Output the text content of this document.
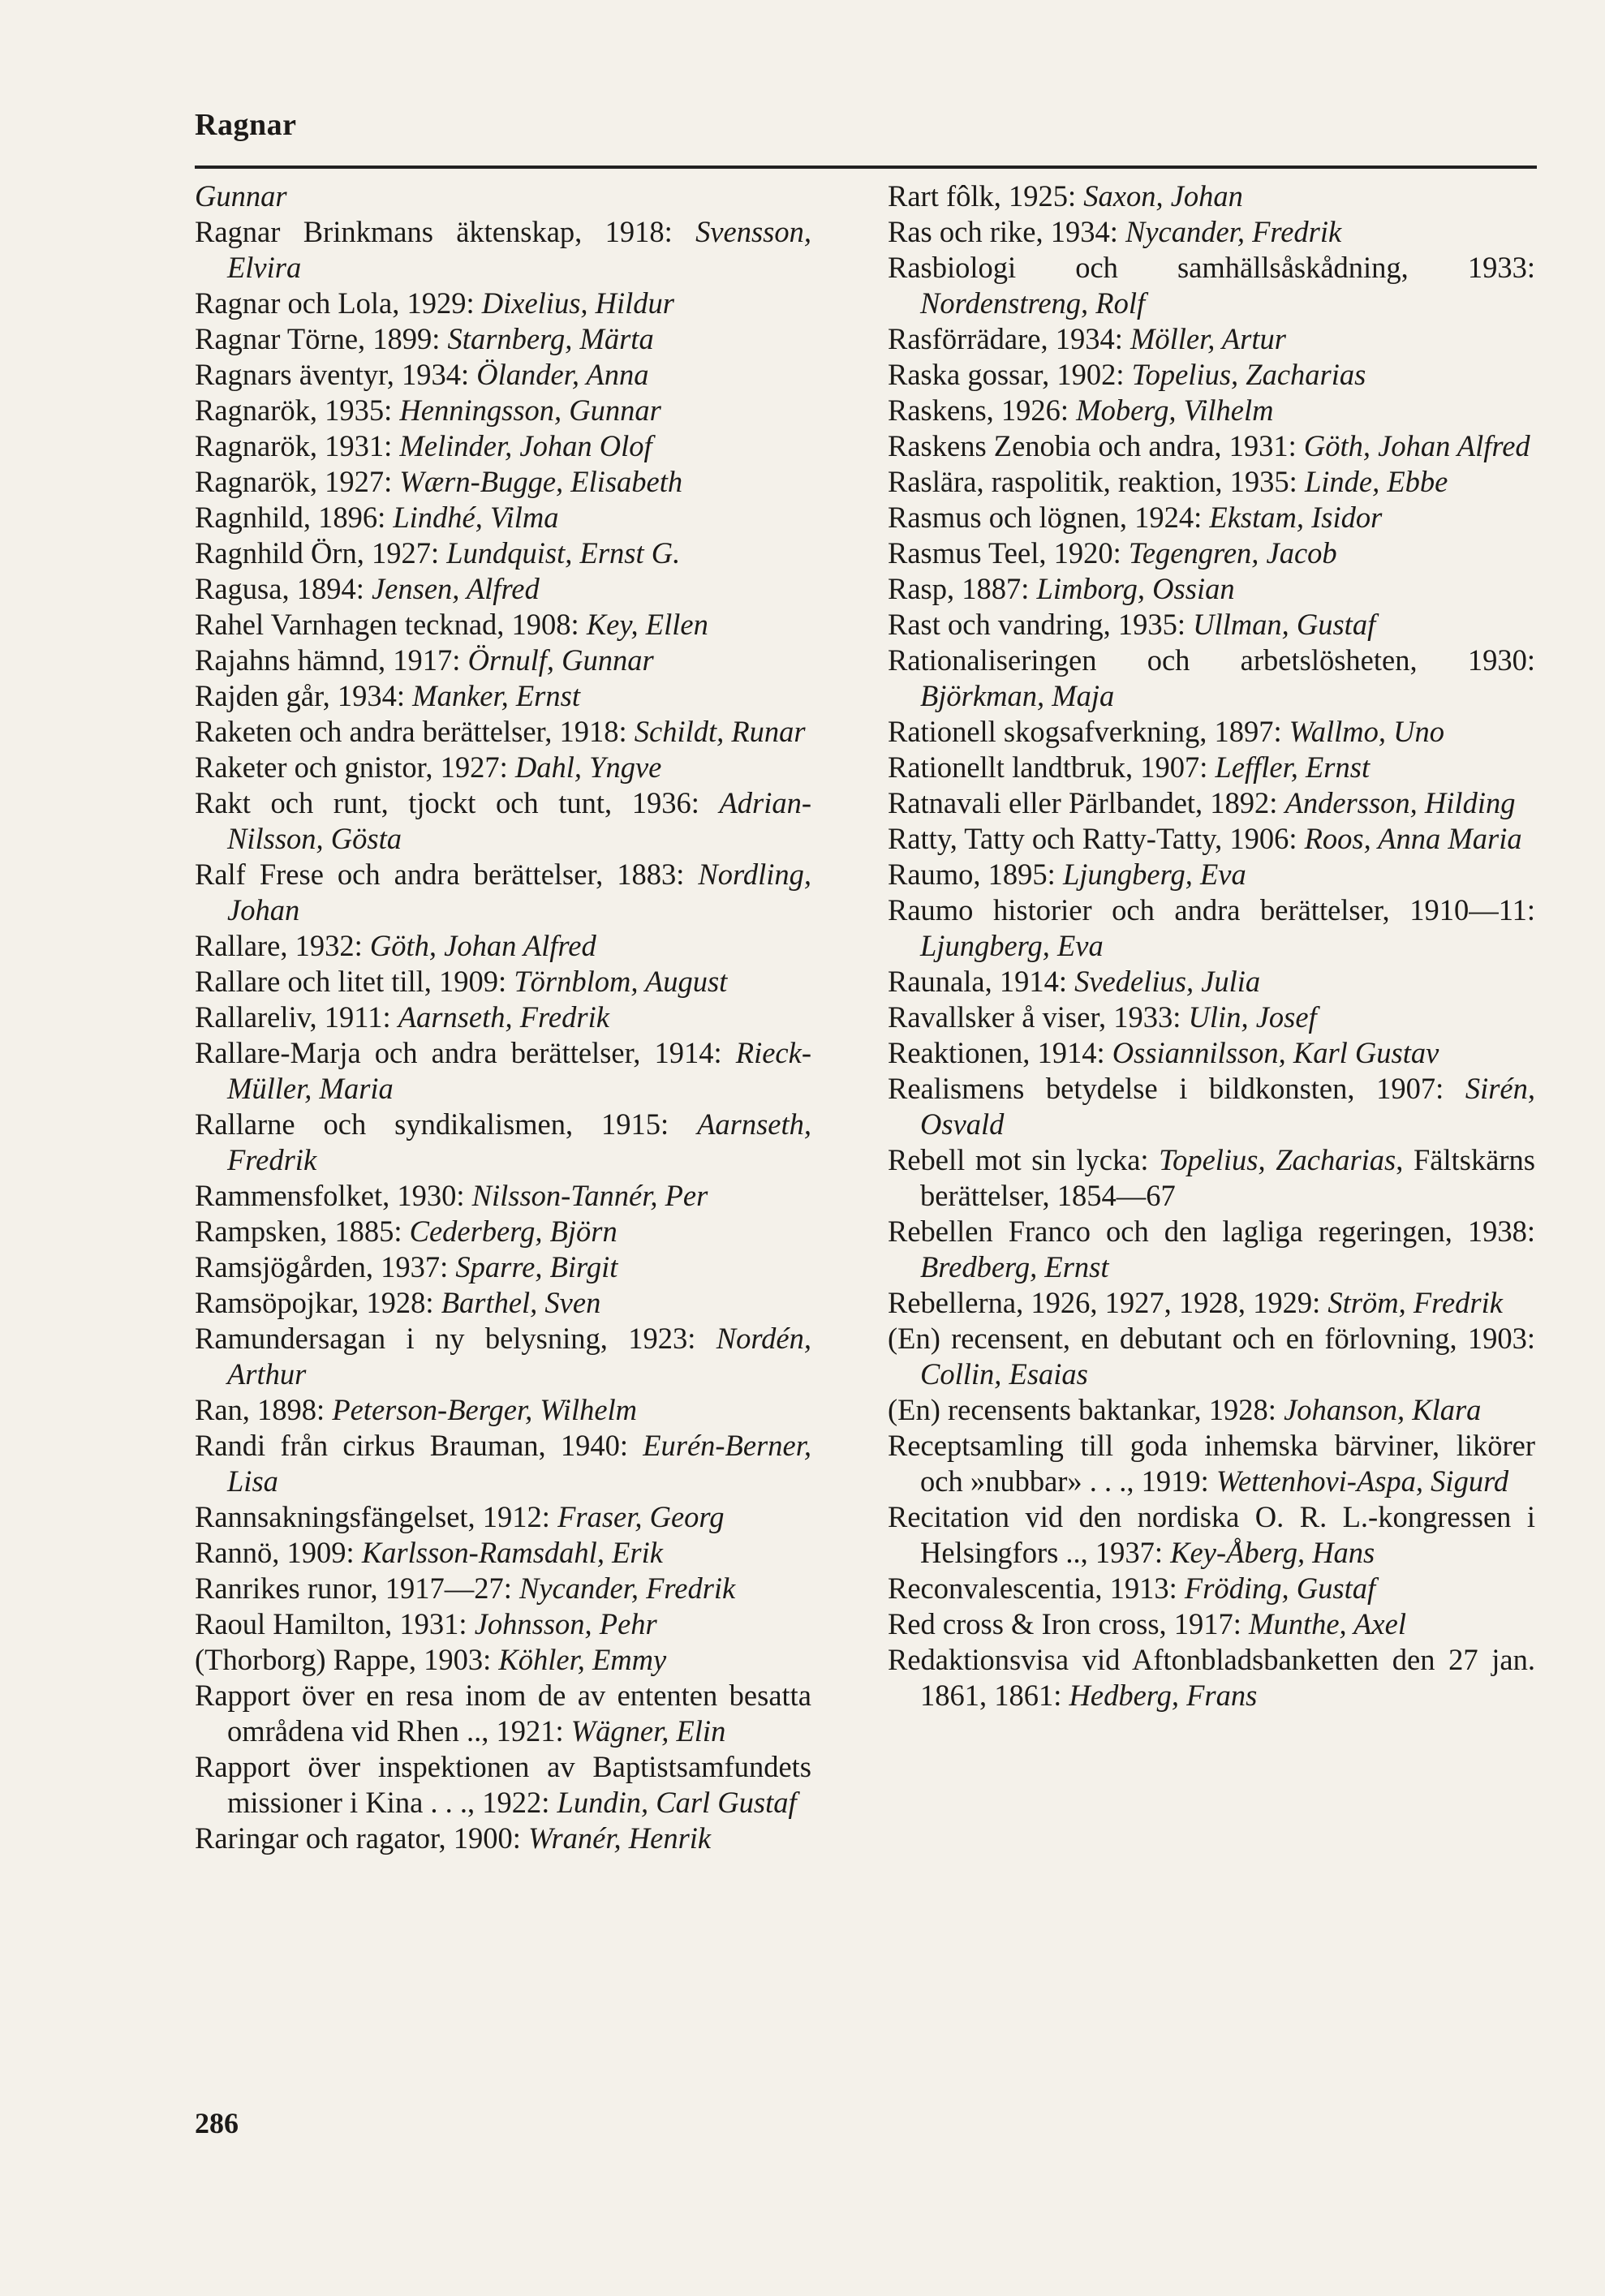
Ragnar

Gunnar

Ragnar Brinkmans äktenskap, 1918: Svensson, Elvira

Ragnar och Lola, 1929: Dixelius, Hildur

Ragnar Törne, 1899: Starnberg, Märta

Ragnars äventyr, 1934: Ölander, Anna

Ragnarök, 1935: Henningsson, Gunnar

Ragnarök, 1931: Melinder, Johan Olof

Ragnarök, 1927: Wærn-Bugge, Elisabeth

Ragnhild, 1896: Lindhé, Vilma

Ragnhild Örn, 1927: Lundquist, Ernst G.

Ragusa, 1894: Jensen, Alfred

Rahel Varnhagen tecknad, 1908: Key, Ellen

Rajahns hämnd, 1917: Örnulf, Gunnar

Rajden går, 1934: Manker, Ernst

Raketen och andra berättelser, 1918: Schildt, Runar

Raketer och gnistor, 1927: Dahl, Yngve

Rakt och runt, tjockt och tunt, 1936: Adrian-Nilsson, Gösta

Ralf Frese och andra berättelser, 1883: Nordling, Johan

Rallare, 1932: Göth, Johan Alfred

Rallare och litet till, 1909: Törnblom, August

Rallareliv, 1911: Aarnseth, Fredrik

Rallare-Marja och andra berättelser, 1914: Rieck-Müller, Maria

Rallarne och syndikalismen, 1915: Aarnseth, Fredrik

Rammensfolket, 1930: Nilsson-Tannér, Per

Rampsken, 1885: Cederberg, Björn

Ramsjögården, 1937: Sparre, Birgit

Ramsöpojkar, 1928: Barthel, Sven

Ramundersagan i ny belysning, 1923: Nordén, Arthur

Ran, 1898: Peterson-Berger, Wilhelm

Randi från cirkus Brauman, 1940: Eurén-Berner, Lisa

Rannsakningsfängelset, 1912: Fraser, Georg

Rannö, 1909: Karlsson-Ramsdahl, Erik

Ranrikes runor, 1917—27: Nycander, Fredrik

Raoul Hamilton, 1931: Johnsson, Pehr

(Thorborg) Rappe, 1903: Köhler, Emmy

Rapport över en resa inom de av ententen besatta områdena vid Rhen .., 1921: Wägner, Elin

Rapport över inspektionen av Baptistsamfundets missioner i Kina . . ., 1922: Lundin, Carl Gustaf

Raringar och ragator, 1900: Wranér, Henrik

Rart fôlk, 1925: Saxon, Johan

Ras och rike, 1934: Nycander, Fredrik

Rasbiologi och samhällsåskådning, 1933: Nordenstreng, Rolf

Rasförrädare, 1934: Möller, Artur

Raska gossar, 1902: Topelius, Zacharias

Raskens, 1926: Moberg, Vilhelm

Raskens Zenobia och andra, 1931: Göth, Johan Alfred

Raslära, raspolitik, reaktion, 1935: Linde, Ebbe

Rasmus och lögnen, 1924: Ekstam, Isidor

Rasmus Teel, 1920: Tegengren, Jacob

Rasp, 1887: Limborg, Ossian

Rast och vandring, 1935: Ullman, Gustaf

Rationaliseringen och arbetslösheten, 1930: Björkman, Maja

Rationell skogsafverkning, 1897: Wallmo, Uno

Rationellt landtbruk, 1907: Leffler, Ernst

Ratnavali eller Pärlbandet, 1892: Andersson, Hilding

Ratty, Tatty och Ratty-Tatty, 1906: Roos, Anna Maria

Raumo, 1895: Ljungberg, Eva

Raumo historier och andra berättelser, 1910—11: Ljungberg, Eva

Raunala, 1914: Svedelius, Julia

Ravallsker å viser, 1933: Ulin, Josef

Reaktionen, 1914: Ossiannilsson, Karl Gustav

Realismens betydelse i bildkonsten, 1907: Sirén, Osvald

Rebell mot sin lycka: Topelius, Zacharias, Fältskärns berättelser, 1854—67

Rebellen Franco och den lagliga regeringen, 1938: Bredberg, Ernst

Rebellerna, 1926, 1927, 1928, 1929: Ström, Fredrik

(En) recensent, en debutant och en förlovning, 1903: Collin, Esaias

(En) recensents baktankar, 1928: Johanson, Klara

Receptsamling till goda inhemska bärviner, likörer och »nubbar» . . ., 1919: Wettenhovi-Aspa, Sigurd

Recitation vid den nordiska O. R. L.-kongressen i Helsingfors .., 1937: Key-Åberg, Hans

Reconvalescentia, 1913: Fröding, Gustaf

Red cross & Iron cross, 1917: Munthe, Axel

Redaktionsvisa vid Aftonbladsbanketten den 27 jan. 1861, 1861: Hedberg, Frans

286
